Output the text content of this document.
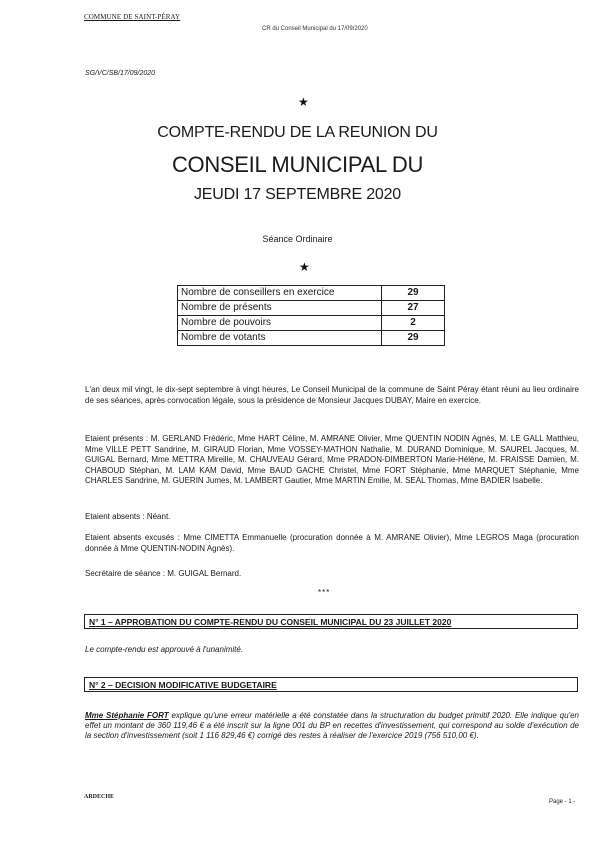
COMMUNE DE SAINT-PÉRAY
CR du Conseil Municipal du 17/09/2020
SG/VC/SB/17/09/2020
★
COMPTE-RENDU DE LA REUNION DU
CONSEIL MUNICIPAL DU
JEUDI 17 SEPTEMBRE 2020
Séance Ordinaire
★
Nombre de conseillers en exercice	29
Nombre de présents	27
Nombre de pouvoirs	2
Nombre de votants	29
L'an deux mil vingt, le dix-sept septembre à vingt heures, Le Conseil Municipal de la commune de Saint Péray étant réuni au lieu ordinaire de ses séances, après convocation légale, sous la présidence de Monsieur Jacques DUBAY, Maire en exercice.
Etaient présents : M. GERLAND Frédéric, Mme HART Céline, M. AMRANE Olivier, Mme QUENTIN NODIN Agnès, M. LE GALL Matthieu, Mme VILLE PETT Sandrine, M. GIRAUD Florian, Mme VOSSEY-MATHON Nathalie, M. DURAND Dominique, M. SAUREL Jacques, M. GUIGAL Bernard, Mme METTRA Mireille, M. CHAUVEAU Gérard, Mme PRADON-DIMBERTON Marie-Hélène, M. FRAISSE Damien, M. CHABOUD Stéphan, M. LAM KAM David, Mme BAUD GACHE Christel, Mme FORT Stéphanie, Mme MARQUET Stéphanie, Mme CHARLES Sandrine, M. GUERIN Jumes, M. LAMBERT Gautier, Mme MARTIN Emilie, M. SEAL Thomas, Mme BADIER Isabelle.
Etaient absents : Néant.
Etaient absents excusés : Mme CIMETTA Emmanuelle (procuration donnée à M. AMRANE Olivier), Mme LEGROS Maga (procuration donnée à Mme QUENTIN-NODIN Agnès).
Secrétaire de séance : M. GUIGAL Bernard.
***
N° 1 – APPROBATION DU COMPTE-RENDU DU CONSEIL MUNICIPAL DU 23 JUILLET 2020
Le compte-rendu est approuvé à l'unanimité.
N° 2 – DECISION MODIFICATIVE BUDGETAIRE
Mme Stéphanie FORT explique qu'une erreur matérielle a été constatée dans la structuration du budget primitif 2020. Elle indique qu'en effet un montant de 360 119,46 € a été inscrit sur la ligne 001 du BP en recettes d'investissement, qui correspond au solde d'exécution de la section d'investissement (soit 1 116 829,46 €) corrigé des restes à réaliser de l'exercice 2019 (756 510,00 €).
ARDECHE
Page - 1 -
